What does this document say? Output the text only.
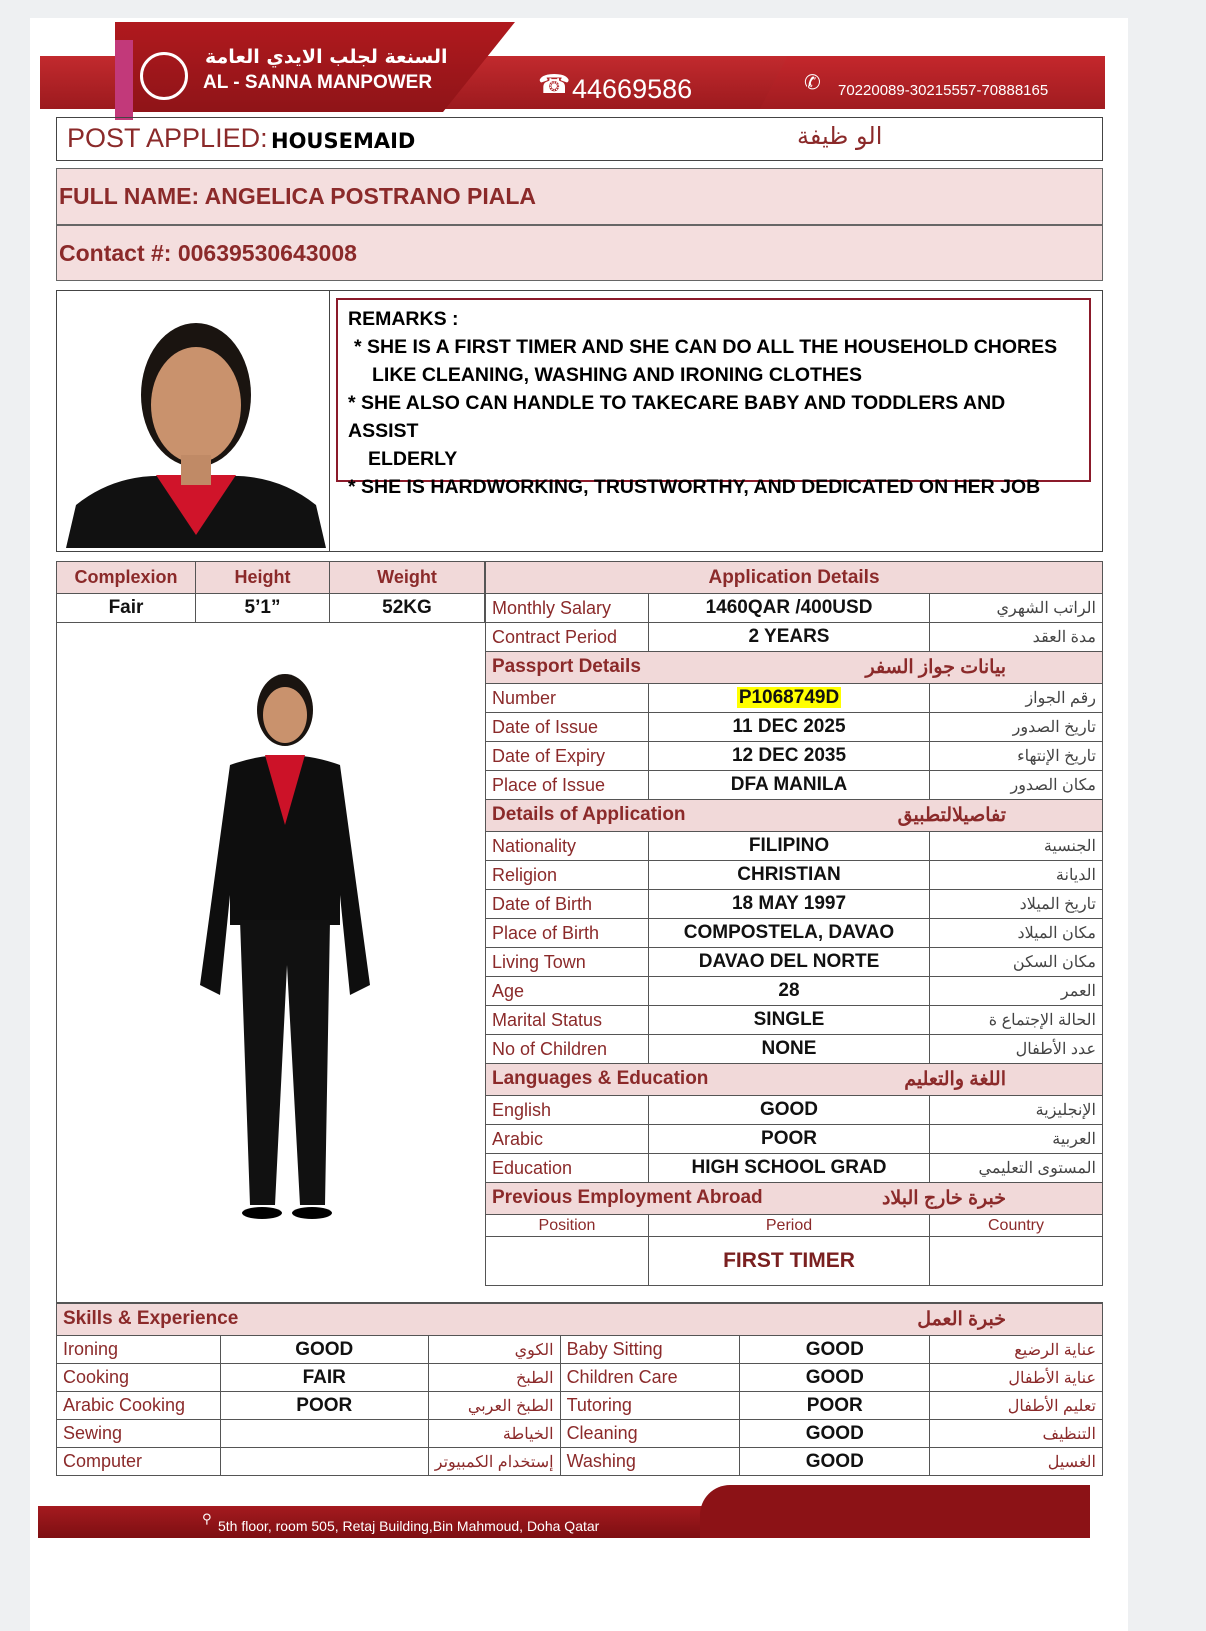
السنعة لجلب الايدي العامة
AL - SANNA MANPOWER	☎ 44669586	✆ 70220089-30215557-70888165
POST APPLIED: HOUSEMAID	الو ظيفة
FULL NAME: ANGELICA POSTRANO PIALA
Contact #: 00639530643008
REMARKS :
* SHE IS A FIRST TIMER AND SHE CAN DO ALL THE HOUSEHOLD CHORES
LIKE CLEANING, WASHING AND IRONING CLOTHES
* SHE ALSO CAN HANDLE TO TAKECARE BABY AND TODDLERS AND ASSIST
ELDERLY
* SHE IS HARDWORKING, TRUSTWORTHY, AND DEDICATED ON HER JOB
Complexion	Height	Weight
Fair	5’1”	52KG
Application Details		
Monthly Salary	1460QAR /400USD	الراتب الشهري
Contract Period	2 YEARS	مدة العقد
Passport Details بيانات جواز السفر		

Number	P1068749D	رقم الجواز
Date of Issue	11 DEC 2025	تاريخ الصدور
Date of Expiry	12 DEC 2035	تاريخ الإنتهاء
Place of Issue	DFA MANILA	مكان الصدور
Details of Application تفاصيلالتطبيق		

Nationality	FILIPINO	الجنسية
Religion	CHRISTIAN	الديانة
Date of Birth	18 MAY 1997	تاريخ الميلاد
Place of Birth	COMPOSTELA, DAVAO	مكان الميلاد
Living Town	DAVAO DEL NORTE	مكان السكن
Age	28	العمر
Marital Status	SINGLE	الحالة الإجتماع ة
No of Children	NONE	عدد الأطفال
Languages & Education اللغة والتعليم		

English	GOOD	الإنجليزية
Arabic	POOR	العربية
Education	HIGH SCHOOL GRAD	المستوى التعليمي
Previous Employment Abroad خبرة خارج البلاد		

Position	Period	Country
	FIRST TIMER	
Skills & Experience خبرة العمل					

Ironing	GOOD	الكوي	Baby Sitting	GOOD	عناية الرضيع
Cooking	FAIR	الطبخ	Children Care	GOOD	عناية الأطفال
Arabic Cooking	POOR	الطبخ العربي	Tutoring	POOR	تعليم الأطفال
Sewing		الخياطة	Cleaning	GOOD	التنظيف
Computer		إستخدام الكمبيوتر	Washing	GOOD	الغسيل
⚲ 5th floor, room 505, Retaj Building,Bin Mahmoud, Doha Qatar
